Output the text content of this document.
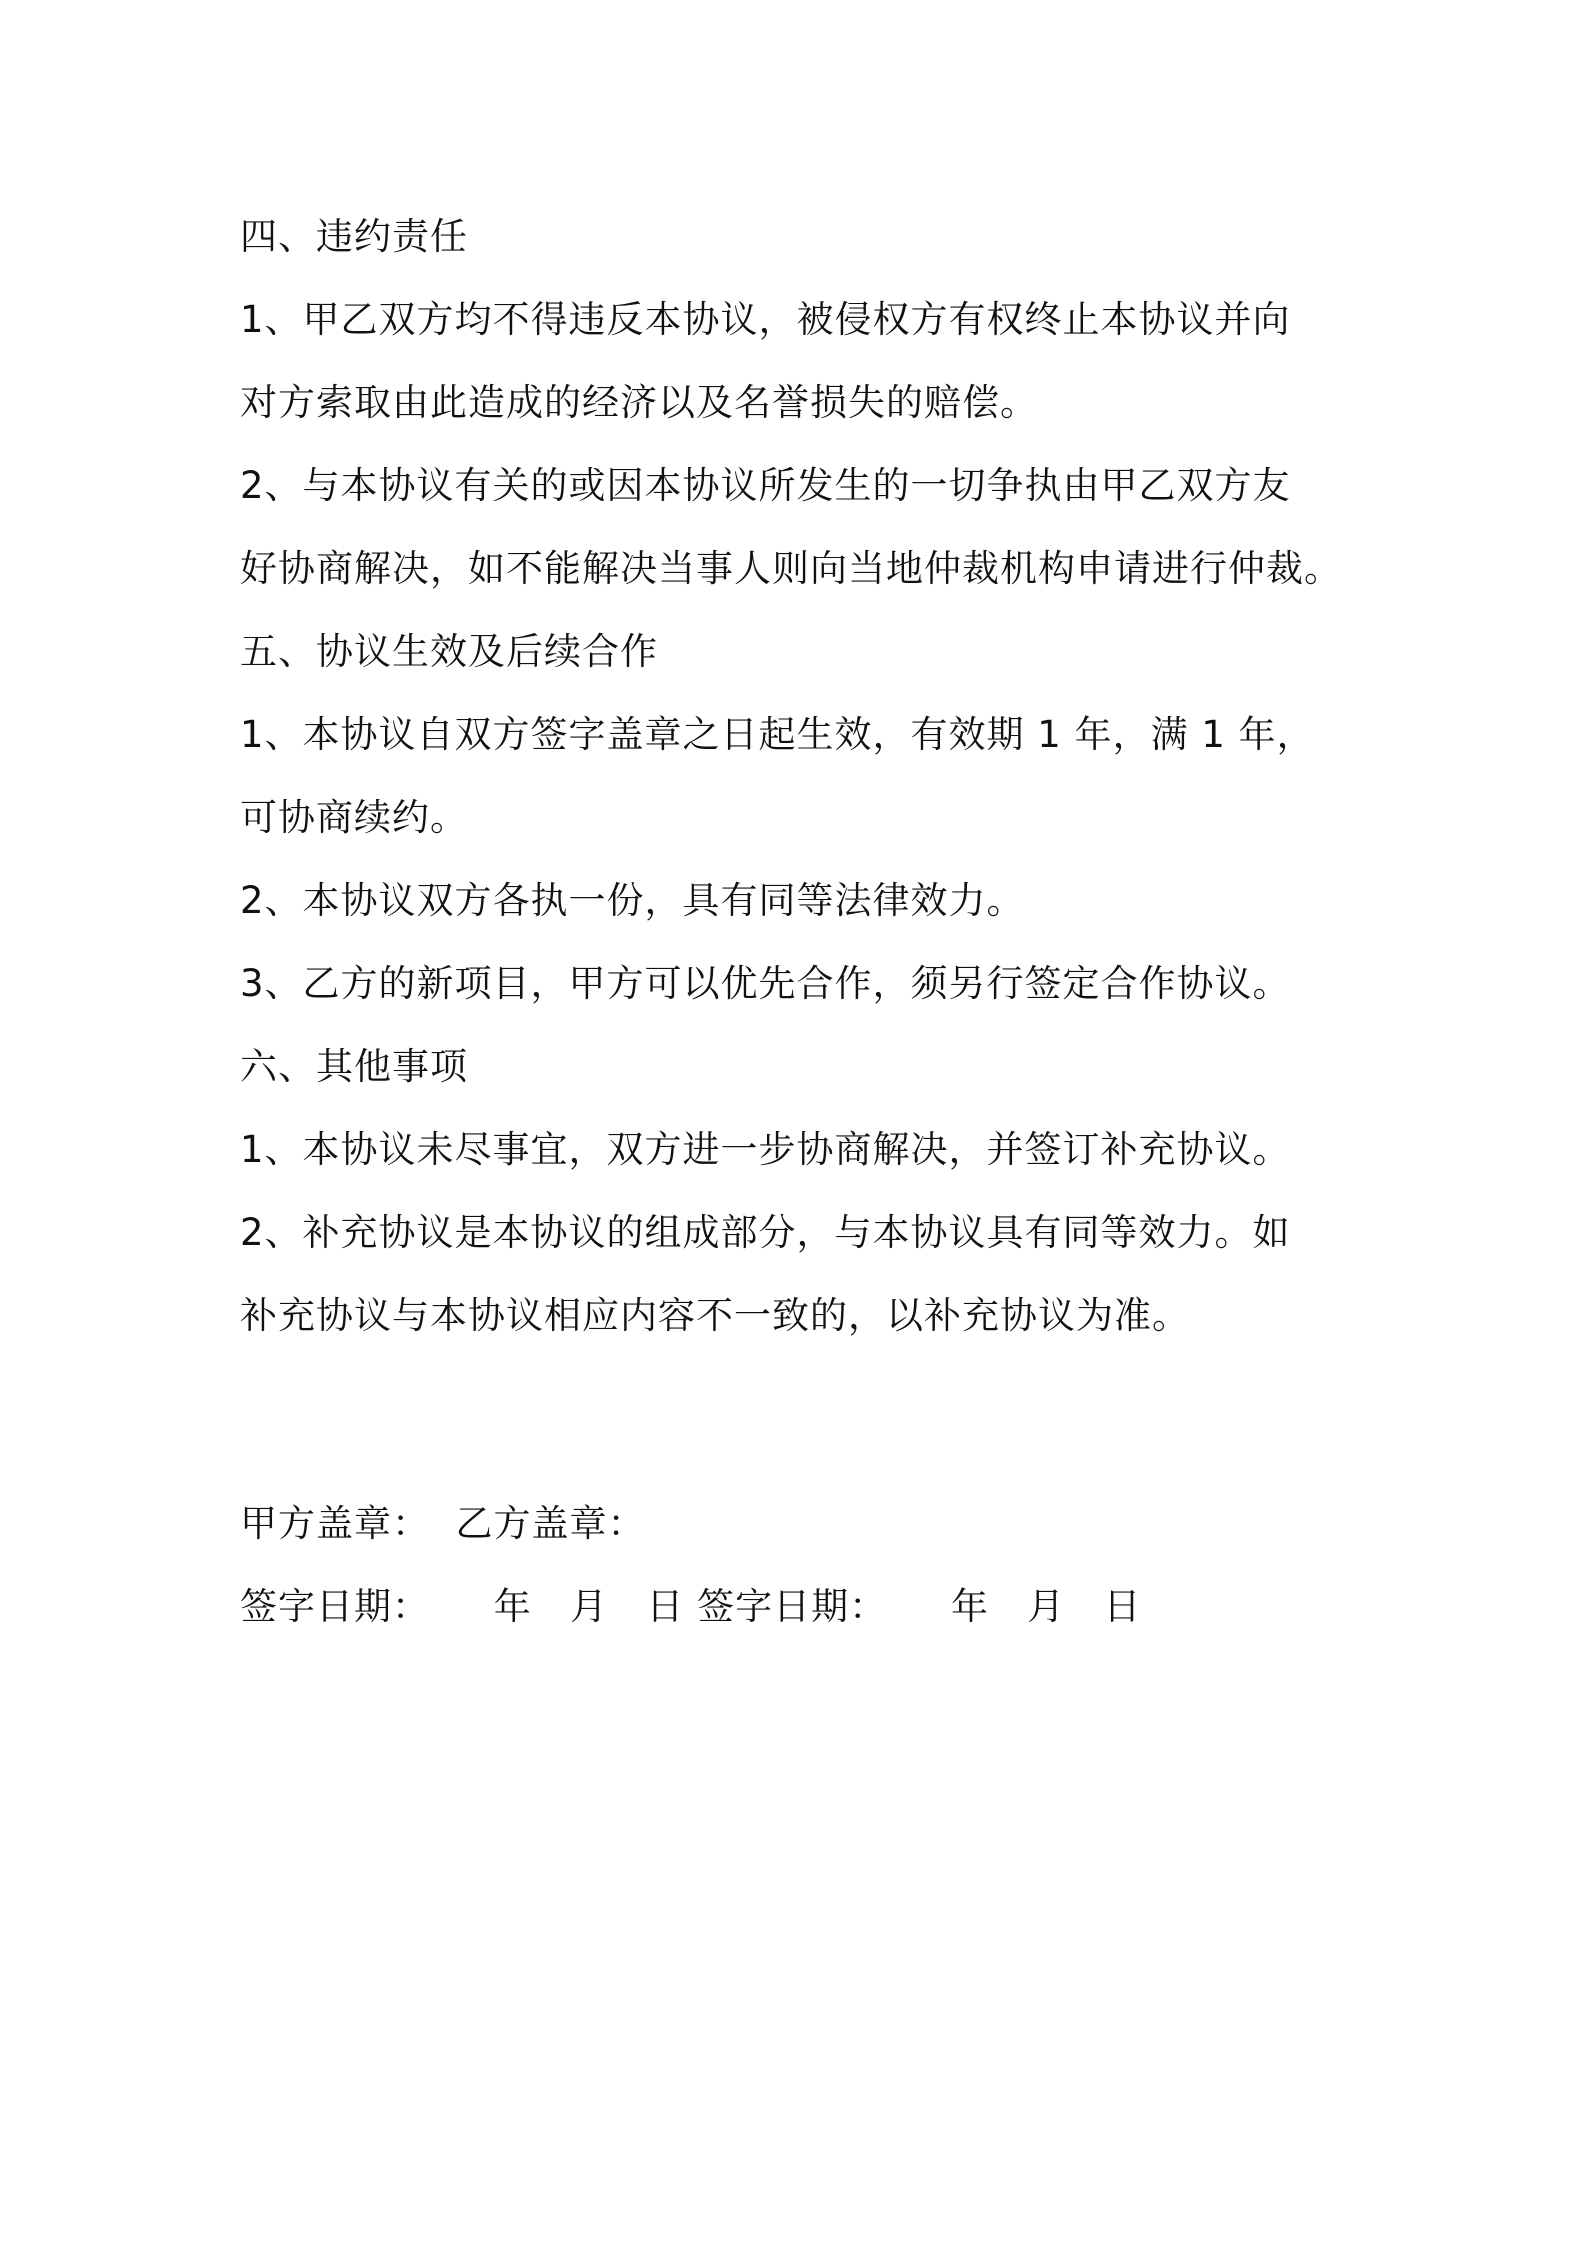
四、违约责任
1、甲乙双方均不得违反本协议，被侵权方有权终止本协议并向
对方索取由此造成的经济以及名誉损失的赔偿。
2、与本协议有关的或因本协议所发生的一切争执由甲乙双方友
好协商解决，如不能解决当事人则向当地仲裁机构申请进行仲裁。
五、协议生效及后续合作
1、本协议自双方签字盖章之日起生效，有效期 1 年，满 1 年，
可协商续约。
2、本协议双方各执一份，具有同等法律效力。
3、乙方的新项目，甲方可以优先合作，须另行签定合作协议。
六、其他事项
1、本协议未尽事宜，双方进一步协商解决，并签订补充协议。
2、补充协议是本协议的组成部分，与本协议具有同等效力。如
补充协议与本协议相应内容不一致的，以补充协议为准。
甲方盖章：  乙方盖章：
签字日期：     年   月   日 签字日期：     年   月   日
